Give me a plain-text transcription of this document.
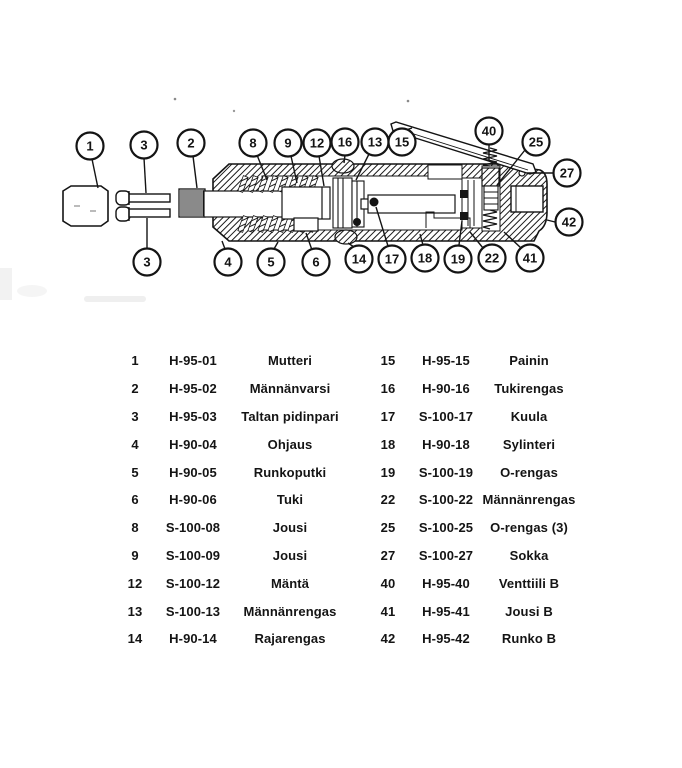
1	3	2	8 9 12 16 13 15
40
25
27
42
3	4	5	6 14 17 18 19 22 41
1	H-95-01	Mutteri
2	H-95-02	Männänvarsi
3	H-95-03	Taltan pidinpari
4	H-90-04	Ohjaus
5	H-90-05	Runkoputki
6	H-90-06	Tuki
8	S-100-08	Jousi
9	S-100-09	Jousi
12	S-100-12	Mäntä
13	S-100-13	Männänrengas
14	H-90-14	Rajarengas
15	H-95-15	Painin
16	H-90-16	Tukirengas
17	S-100-17	Kuula
18	H-90-18	Sylinteri
19	S-100-19	O-rengas
22	S-100-22 Männänrengas
25	S-100-25	O-rengas (3)
27	S-100-27	Sokka
40	H-95-40	Venttiili B
41	H-95-41	Jousi B
42	H-95-42	Runko B
